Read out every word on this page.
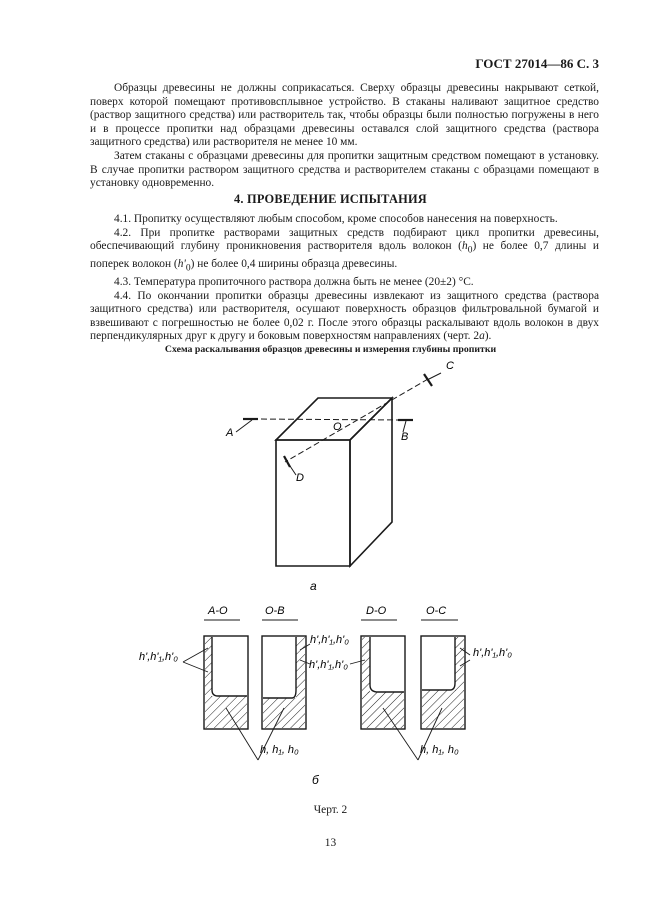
ГОСТ 27014—86 С. 3

Образцы древесины не должны соприкасаться. Сверху образцы древесины накрывают сеткой, поверх которой помещают противовсплывное устройство. В стаканы наливают защитное средство (раствор защитного средства) или растворитель так, чтобы образцы были полностью погружены в него и в процессе пропитки над образцами древесины оставался слой защитного средства (раствора защитного средства) или растворителя не менее 10 мм.

Затем стаканы с образцами древесины для пропитки защитным средством помещают в установку. В случае пропитки раствором защитного средства и растворителем стаканы с образцами помещают в установку одновременно.

4. ПРОВЕДЕНИЕ ИСПЫТАНИЯ

4.1. Пропитку осуществляют любым способом, кроме способов нанесения на поверхность.

4.2. При пропитке растворами защитных средств подбирают цикл пропитки древесины, обеспечивающий глубину проникновения растворителя вдоль волокон $(h_0)$ не более 0,7 длины и поперек волокон $(h'_0)$ не более 0,4 ширины образца древесины.

4.3. Температура пропиточного раствора должна быть не менее (20±2) °С.

4.4. По окончании пропитки образцы древесины извлекают из защитного средства (раствора защитного средства) или растворителя, осушают поверхность образцов фильтровальной бумагой и взвешивают с погрешностью не более 0,02 г. После этого образцы раскалывают вдоль волокон в двух перпендикулярных друг к другу и боковым поверхностям направлениях (черт. 2а).

Схема раскалывания образцов древесины и измерения глубины пропитки
A	B
C
D
O
а
А-О	О-В	D-О	О-С
h',h'₁,h'₀
h',h'₁,h'₀
h',h'₁,h'₀
h',h'₁,h'₀
h, h₁, h₀	h, h₁, h₀
б
Черт. 2
13
